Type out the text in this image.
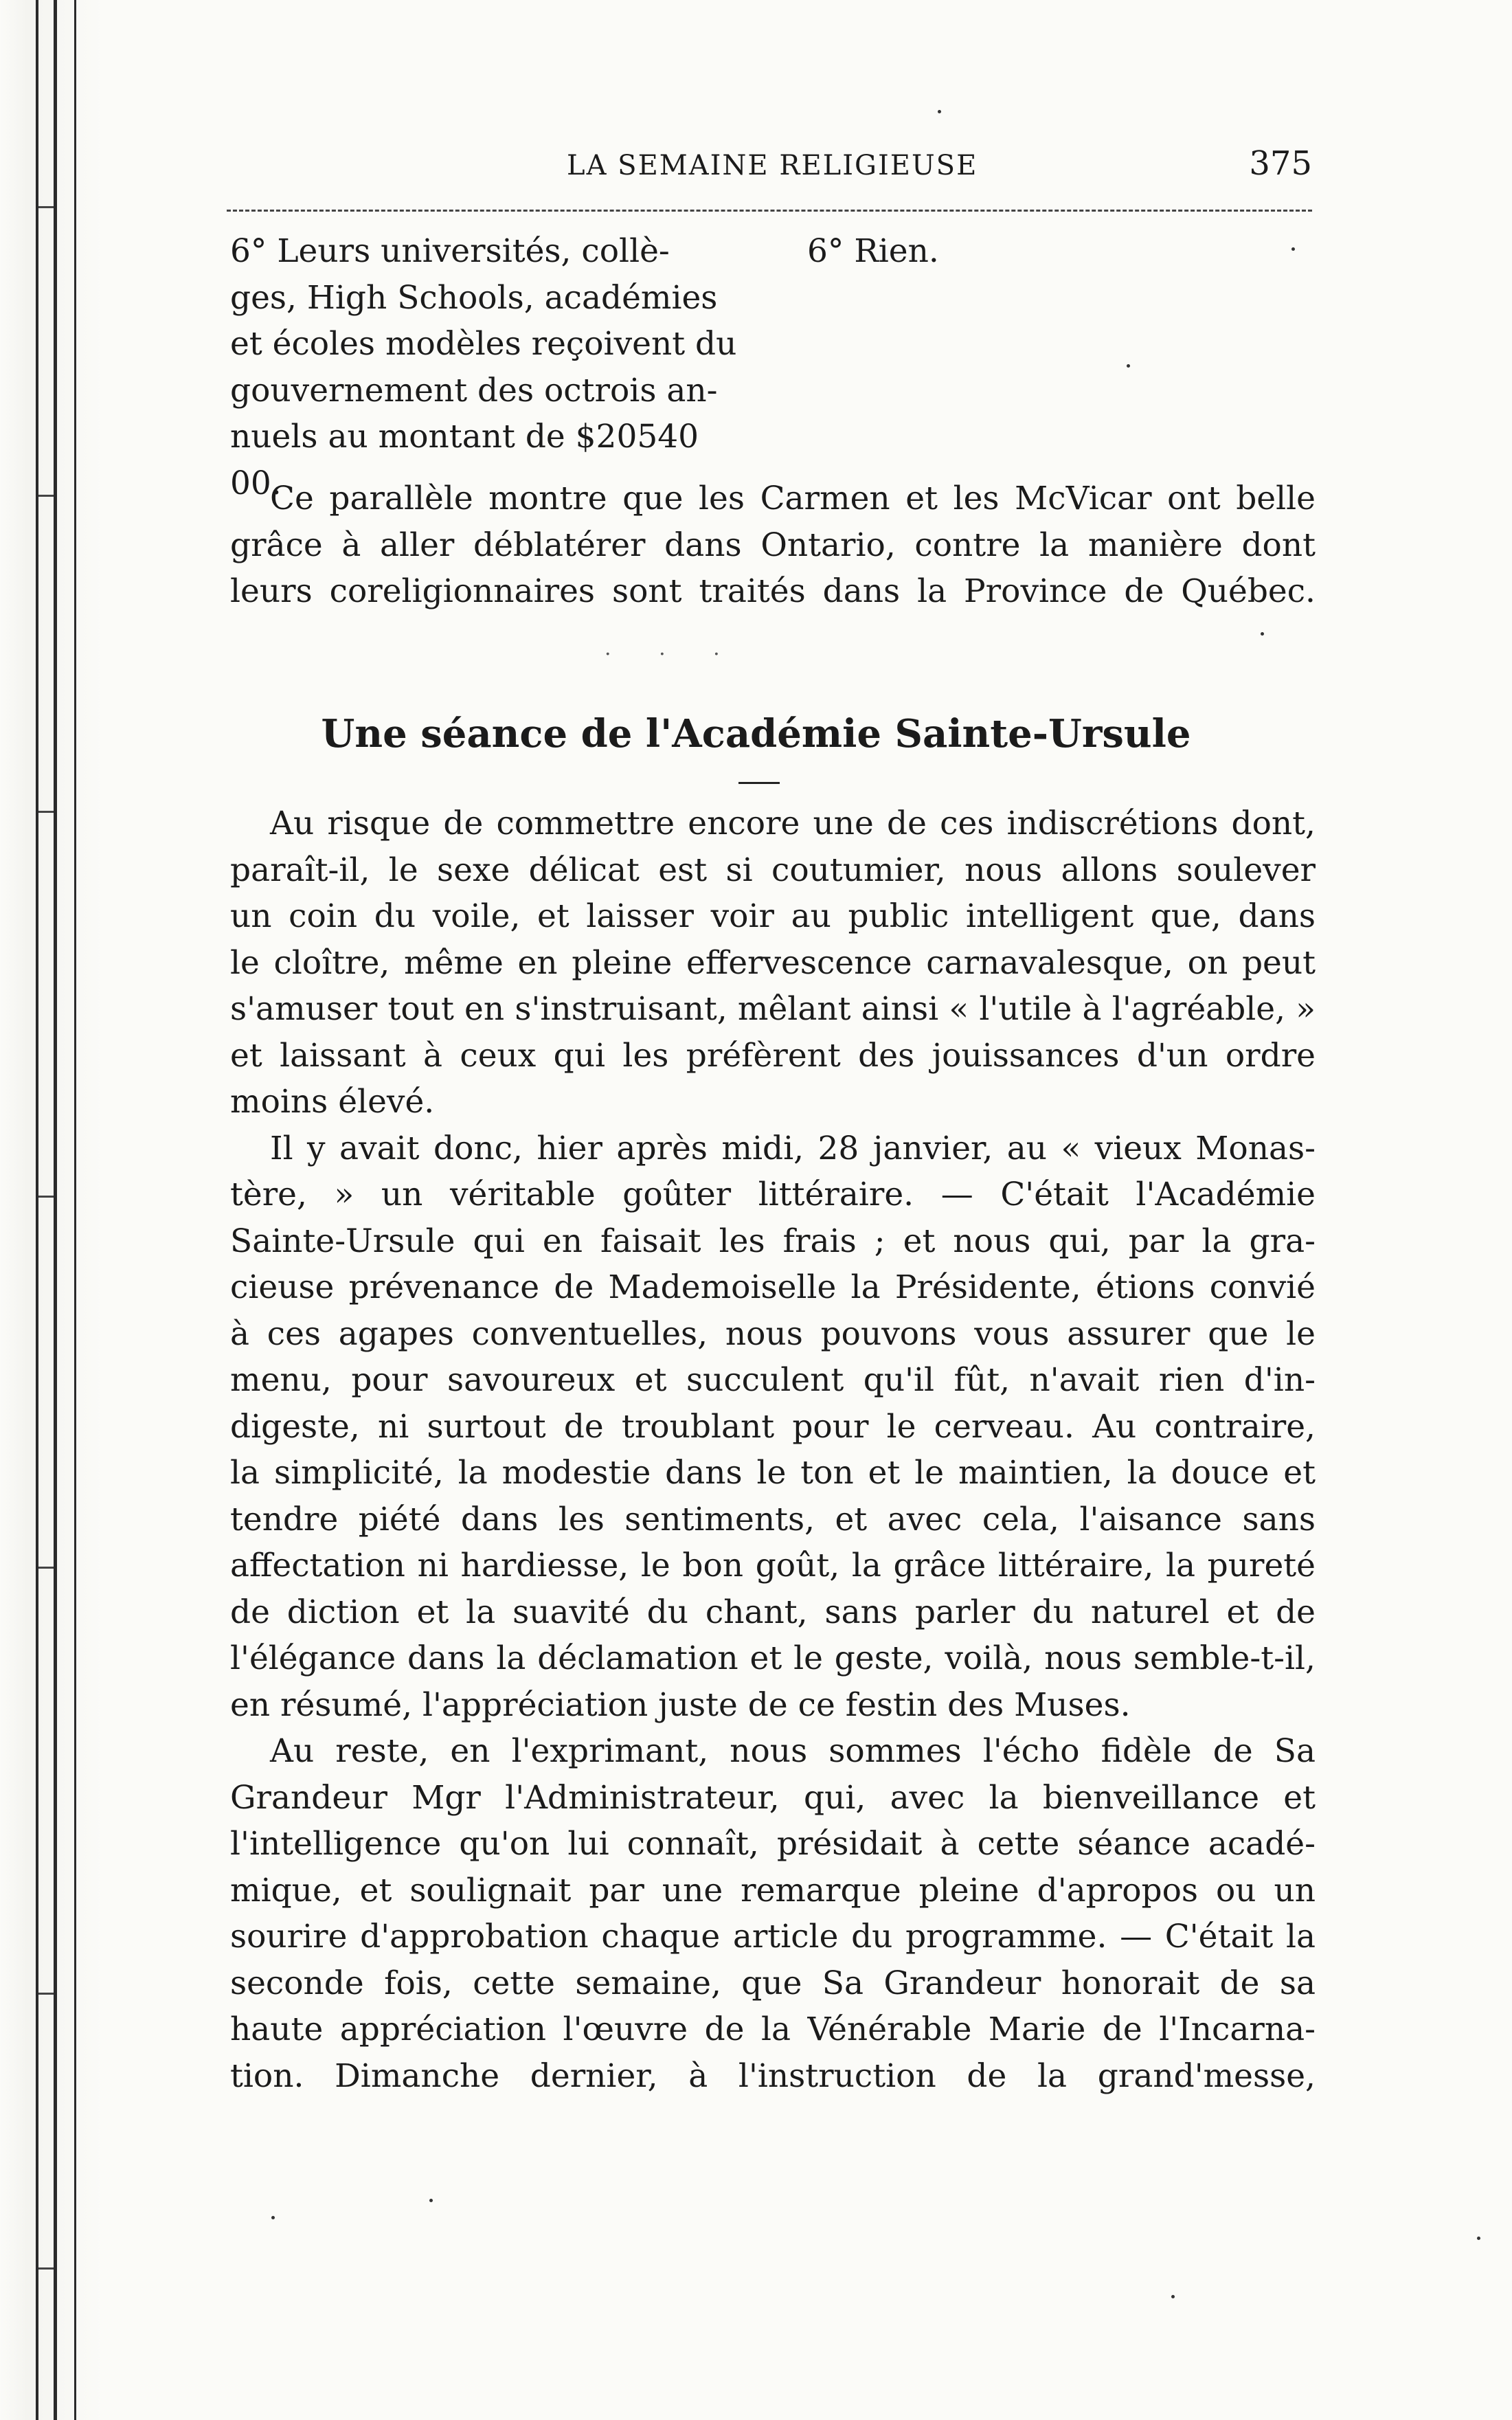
LA SEMAINE RELIGIEUSE	375
6° Leurs universités, collè-
ges, High Schools, académies
et écoles modèles reçoivent du
gouvernement des octrois an-
nuels au montant de $20540 00.
6° Rien.
Ce parallèle montre que les Carmen et les McVicar ont belle
grâce à aller déblatérer dans Ontario, contre la manière dont
leurs coreligionnaires sont traités dans la Province de Québec.
Une séance de l'Académie Sainte-Ursule
Au risque de commettre encore une de ces indiscrétions dont,
paraît-il, le sexe délicat est si coutumier, nous allons soulever
un coin du voile, et laisser voir au public intelligent que, dans
le cloître, même en pleine effervescence carnavalesque, on peut
s'amuser tout en s'instruisant, mêlant ainsi « l'utile à l'agréable, »
et laissant à ceux qui les préfèrent des jouissances d'un ordre
moins élevé.
Il y avait donc, hier après midi, 28 janvier, au « vieux Monas-
tère, » un véritable goûter littéraire. — C'était l'Académie
Sainte-Ursule qui en faisait les frais ; et nous qui, par la gra-
cieuse prévenance de Mademoiselle la Présidente, étions convié
à ces agapes conventuelles, nous pouvons vous assurer que le
menu, pour savoureux et succulent qu'il fût, n'avait rien d'in-
digeste, ni surtout de troublant pour le cerveau. Au contraire,
la simplicité, la modestie dans le ton et le maintien, la douce et
tendre piété dans les sentiments, et avec cela, l'aisance sans
affectation ni hardiesse, le bon goût, la grâce littéraire, la pureté
de diction et la suavité du chant, sans parler du naturel et de
l'élégance dans la déclamation et le geste, voilà, nous semble-t-il,
en résumé, l'appréciation juste de ce festin des Muses.
Au reste, en l'exprimant, nous sommes l'écho fidèle de Sa
Grandeur Mgr l'Administrateur, qui, avec la bienveillance et
l'intelligence qu'on lui connaît, présidait à cette séance acadé-
mique, et soulignait par une remarque pleine d'apropos ou un
sourire d'approbation chaque article du programme. — C'était la
seconde fois, cette semaine, que Sa Grandeur honorait de sa
haute appréciation l'œuvre de la Vénérable Marie de l'Incarna-
tion. Dimanche dernier, à l'instruction de la grand'messe,
· · ·
